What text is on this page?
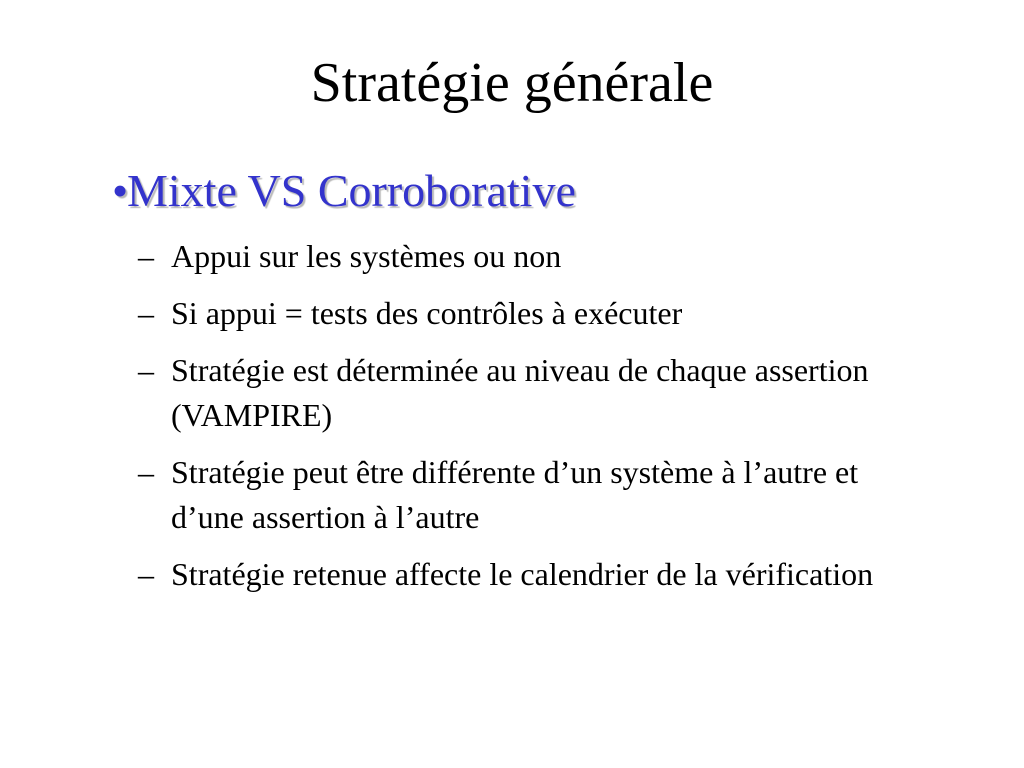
Stratégie générale
•
Mixte VS Corroborative
– Appui sur les systèmes ou non
– Si appui = tests des contrôles à exécuter
– Stratégie est déterminée au niveau de chaque assertion (VAMPIRE)
– Stratégie peut être différente d’un système à l’autre et d’une assertion à l’autre
– Stratégie retenue affecte le calendrier de la vérification
